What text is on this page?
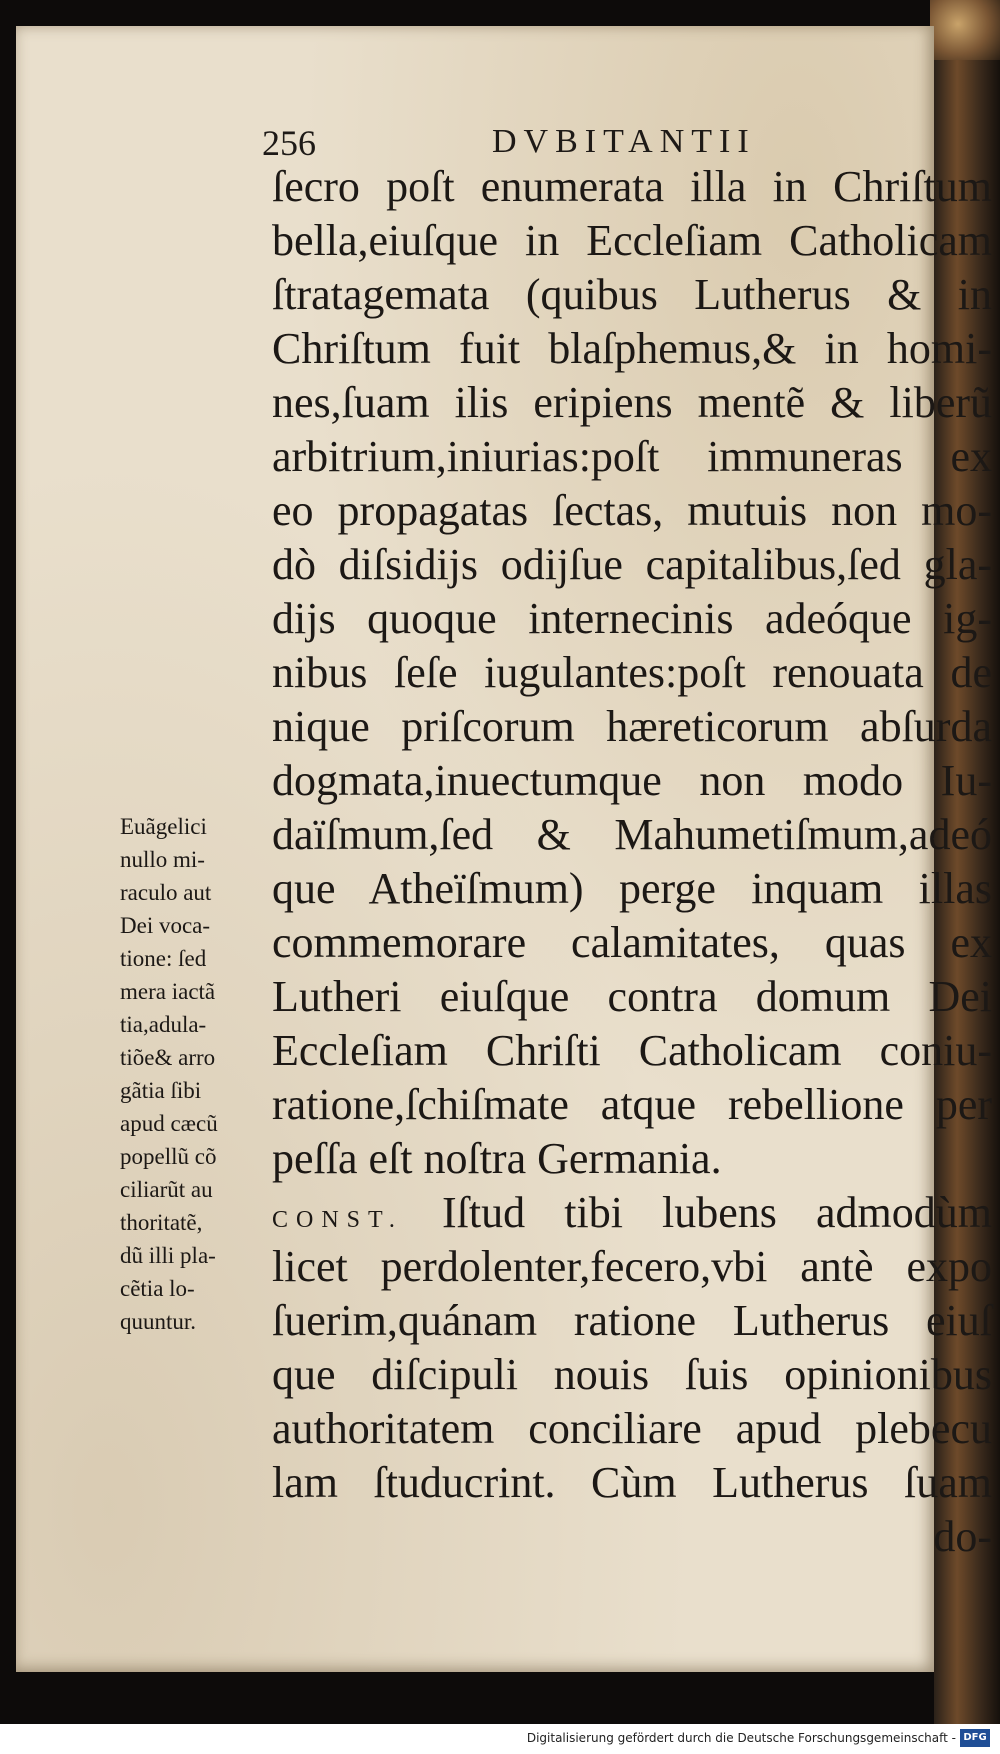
256	DVBITANTII
ſecro poſt enumerata illa in Chriſtum
bella,eiuſque in Eccleſiam Catholicam
ſtratagemata (quibus Lutherus & in
Chriſtum fuit blaſphemus,& in homi-
nes,ſuam ilis eripiens mentẽ & liberũ
arbitrium,iniurias:poſt immuneras ex
eo propagatas ſectas, mutuis non mo-
dò diſsidijs odijſue capitalibus,ſed gla-
dijs quoque internecinis adeóque ig-
nibus ſeſe iugulantes:poſt renouata de
nique priſcorum hæreticorum abſurda
dogmata,inuectumque non modo Iu-
daïſmum,ſed & Mahumetiſmum,adeó
que Atheïſmum) perge inquam illas
commemorare calamitates, quas ex
Lutheri eiuſque contra domum Dei
Eccleſiam Chriſti Catholicam coniu-
ratione,ſchiſmate atque rebellione per
peſſa eſt noſtra Germania.
CONST. Iſtud tibi lubens admodùm
licet perdolenter,fecero,vbi antè expo
ſuerim,quánam ratione Lutherus eiuſ
que diſcipuli nouis ſuis opinionibus
authoritatem conciliare apud plebecu
lam ſtuducrint. Cùm Lutherus ſuam
do-
Euãgelici
nullo mi-
raculo aut
Dei voca-
tione: ſed
mera iactã
tia,adula-
tiõe& arro
gãtia ſibi
apud cæcũ
popellũ cõ
ciliarũt au
thoritatẽ,
dũ illi pla-
cẽtia lo-
quuntur.
Digitalisierung gefördert durch die Deutsche Forschungsgemeinschaft - DFG
